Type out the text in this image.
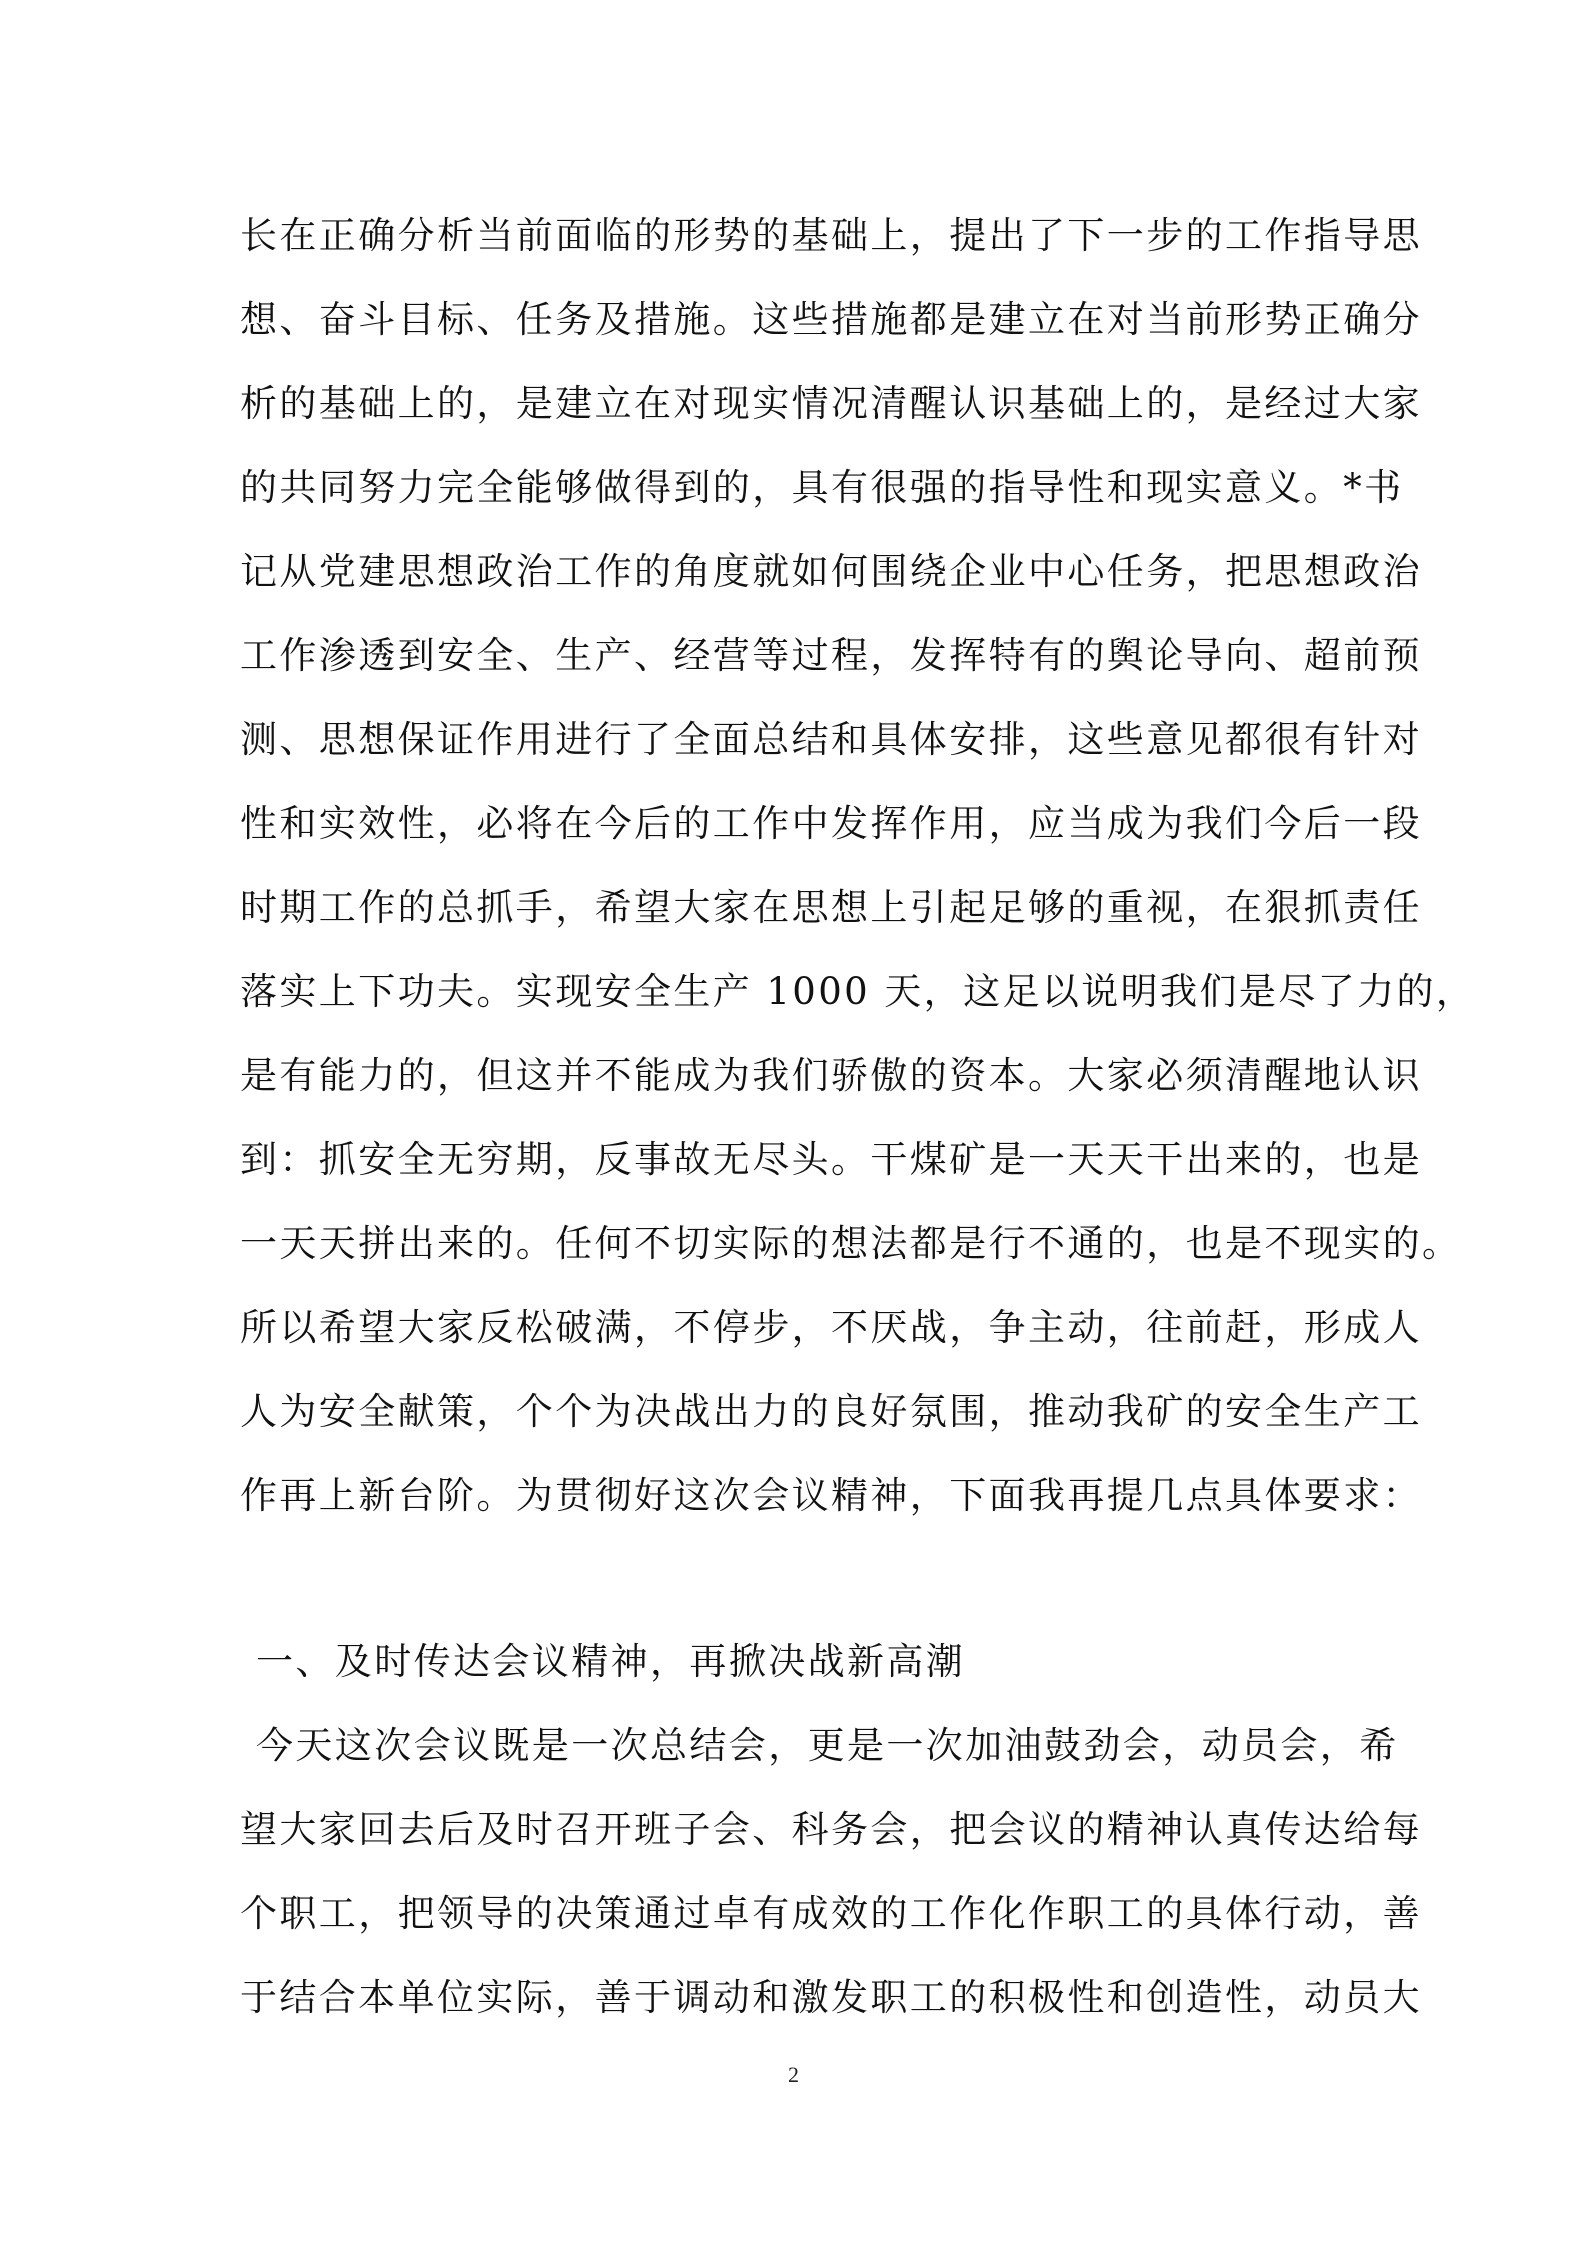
长在正确分析当前面临的形势的基础上，提出了下一步的工作指导思
想、奋斗目标、任务及措施。这些措施都是建立在对当前形势正确分
析的基础上的，是建立在对现实情况清醒认识基础上的，是经过大家
的共同努力完全能够做得到的，具有很强的指导性和现实意义。*书
记从党建思想政治工作的角度就如何围绕企业中心任务，把思想政治
工作渗透到安全、生产、经营等过程，发挥特有的舆论导向、超前预
测、思想保证作用进行了全面总结和具体安排，这些意见都很有针对
性和实效性，必将在今后的工作中发挥作用，应当成为我们今后一段
时期工作的总抓手，希望大家在思想上引起足够的重视，在狠抓责任
落实上下功夫。实现安全生产 1000 天，这足以说明我们是尽了力的，
是有能力的，但这并不能成为我们骄傲的资本。大家必须清醒地认识
到：抓安全无穷期，反事故无尽头。干煤矿是一天天干出来的，也是
一天天拼出来的。任何不切实际的想法都是行不通的，也是不现实的。
所以希望大家反松破满，不停步，不厌战，争主动，往前赶，形成人
人为安全献策，个个为决战出力的良好氛围，推动我矿的安全生产工
作再上新台阶。为贯彻好这次会议精神，下面我再提几点具体要求：
一、及时传达会议精神，再掀决战新高潮
今天这次会议既是一次总结会，更是一次加油鼓劲会，动员会，希
望大家回去后及时召开班子会、科务会，把会议的精神认真传达给每
个职工，把领导的决策通过卓有成效的工作化作职工的具体行动，善
于结合本单位实际，善于调动和激发职工的积极性和创造性，动员大
2
